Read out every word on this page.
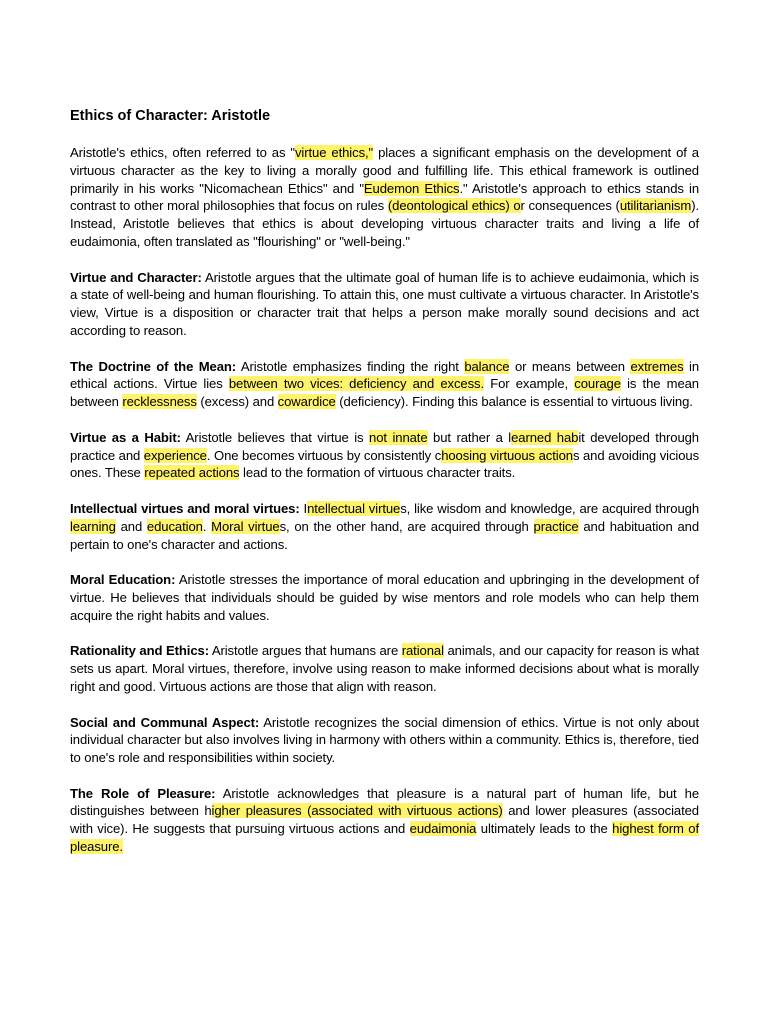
Ethics of Character: Aristotle

Aristotle's ethics, often referred to as "virtue ethics," places a significant emphasis on the development of a virtuous character as the key to living a morally good and fulfilling life. This ethical framework is outlined primarily in his works "Nicomachean Ethics" and "Eudemon Ethics." Aristotle's approach to ethics stands in contrast to other moral philosophies that focus on rules (deontological ethics) or consequences (utilitarianism). Instead, Aristotle believes that ethics is about developing virtuous character traits and living a life of eudaimonia, often translated as "flourishing" or "well-being."

Virtue and Character: Aristotle argues that the ultimate goal of human life is to achieve eudaimonia, which is a state of well-being and human flourishing. To attain this, one must cultivate a virtuous character. In Aristotle's view, Virtue is a disposition or character trait that helps a person make morally sound decisions and act according to reason.

The Doctrine of the Mean: Aristotle emphasizes finding the right balance or means between extremes in ethical actions. Virtue lies between two vices: deficiency and excess. For example, courage is the mean between recklessness (excess) and cowardice (deficiency). Finding this balance is essential to virtuous living.

Virtue as a Habit: Aristotle believes that virtue is not innate but rather a learned habit developed through practice and experience. One becomes virtuous by consistently choosing virtuous actions and avoiding vicious ones. These repeated actions lead to the formation of virtuous character traits.

Intellectual virtues and moral virtues: Intellectual virtues, like wisdom and knowledge, are acquired through learning and education. Moral virtues, on the other hand, are acquired through practice and habituation and pertain to one's character and actions.

Moral Education: Aristotle stresses the importance of moral education and upbringing in the development of virtue. He believes that individuals should be guided by wise mentors and role models who can help them acquire the right habits and values.

Rationality and Ethics: Aristotle argues that humans are rational animals, and our capacity for reason is what sets us apart. Moral virtues, therefore, involve using reason to make informed decisions about what is morally right and good. Virtuous actions are those that align with reason.

Social and Communal Aspect: Aristotle recognizes the social dimension of ethics. Virtue is not only about individual character but also involves living in harmony with others within a community. Ethics is, therefore, tied to one's role and responsibilities within society.

The Role of Pleasure: Aristotle acknowledges that pleasure is a natural part of human life, but he distinguishes between higher pleasures (associated with virtuous actions) and lower pleasures (associated with vice). He suggests that pursuing virtuous actions and eudaimonia ultimately leads to the highest form of pleasure.
